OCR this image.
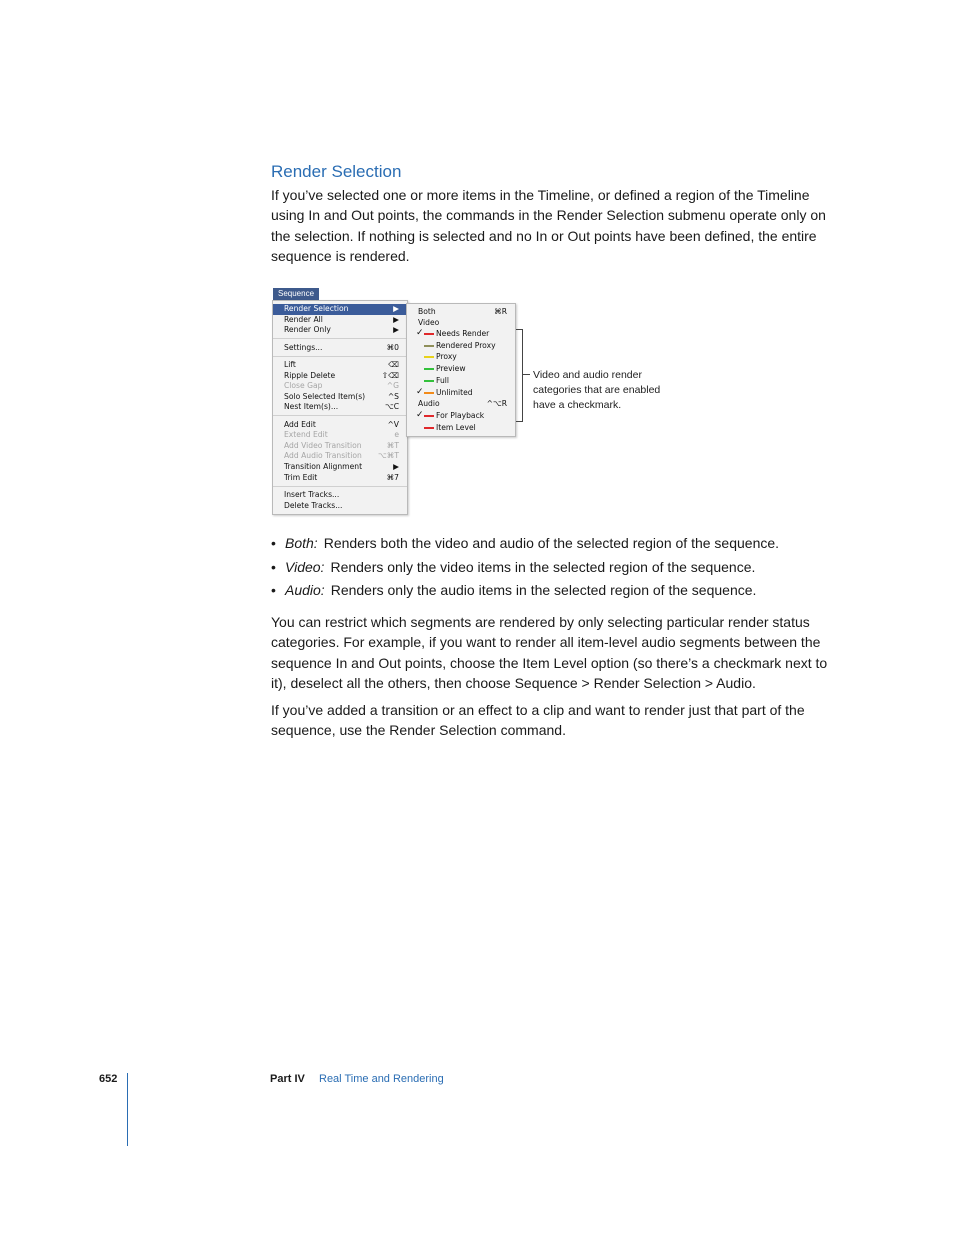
Render Selection

If you’ve selected one or more items in the Timeline, or defined a region of the Timeline using In and Out points, the commands in the Render Selection submenu operate only on the selection. If nothing is selected and no In or Out points have been defined, the entire sequence is rendered.

Sequence
Render Selection	▶
Render All	▶
Render Only	▶
Settings...	⌘0
Lift	⌫
Ripple Delete	⇧⌫
Close Gap	^G
Solo Selected Item(s)	^S
Nest Item(s)...	⌥C
Add Edit	^V
Extend Edit	e
Add Video Transition	⌘T
Add Audio Transition ⌥⌘T
Transition Alignment	▶
Trim Edit	⌘7
Insert Tracks...
Delete Tracks...
Both	⌘R
Video
✓ Needs Render
Rendered Proxy
Proxy
Preview
Full
✓ Unlimited
Audio	^⌥R
✓ For Playback
Item Level

Video and audio render categories that are enabled have a checkmark.

• Both: Renders both the video and audio of the selected region of the sequence.
• Video: Renders only the video items in the selected region of the sequence.
• Audio: Renders only the audio items in the selected region of the sequence.

You can restrict which segments are rendered by only selecting particular render status categories. For example, if you want to render all item-level audio segments between the sequence In and Out points, choose the Item Level option (so there’s a checkmark next to it), deselect all the others, then choose Sequence > Render Selection > Audio.

If you’ve added a transition or an effect to a clip and want to render just that part of the sequence, use the Render Selection command.

652	Part IV Real Time and Rendering
